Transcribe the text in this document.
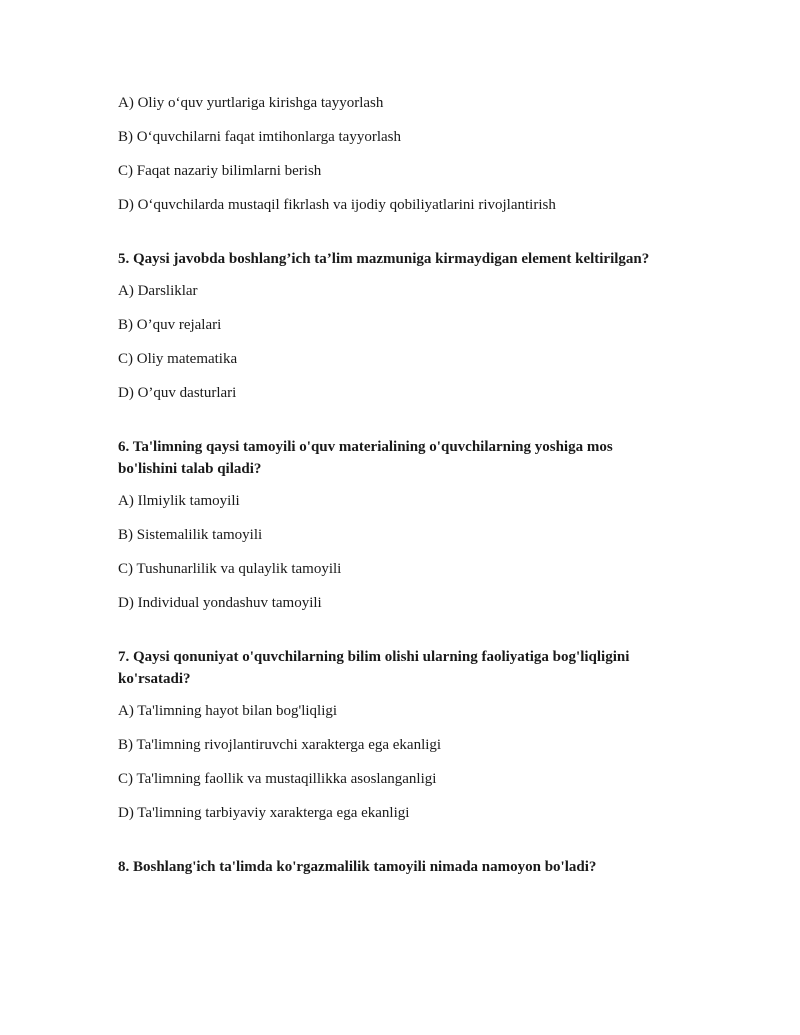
A) Oliy o‘quv yurtlariga kirishga tayyorlash

B) O‘quvchilarni faqat imtihonlarga tayyorlash

C) Faqat nazariy bilimlarni berish

D) O‘quvchilarda mustaqil fikrlash va ijodiy qobiliyatlarini rivojlantirish

5. Qaysi javobda boshlang’ich ta’lim mazmuniga kirmaydigan element keltirilgan?

A) Darsliklar

B) O’quv rejalari

C) Oliy matematika

D) O’quv dasturlari

6. Ta'limning qaysi tamoyili o'quv materialining o'quvchilarning yoshiga mos
bo'lishini talab qiladi?

A) Ilmiylik tamoyili

B) Sistemalilik tamoyili

C) Tushunarlilik va qulaylik tamoyili

D) Individual yondashuv tamoyili

7. Qaysi qonuniyat o'quvchilarning bilim olishi ularning faoliyatiga bog'liqligini
ko'rsatadi?

A) Ta'limning hayot bilan bog'liqligi

B) Ta'limning rivojlantiruvchi xarakterga ega ekanligi

C) Ta'limning faollik va mustaqillikka asoslanganligi

D) Ta'limning tarbiyaviy xarakterga ega ekanligi

8. Boshlang'ich ta'limda ko'rgazmalilik tamoyili nimada namoyon bo'ladi?
